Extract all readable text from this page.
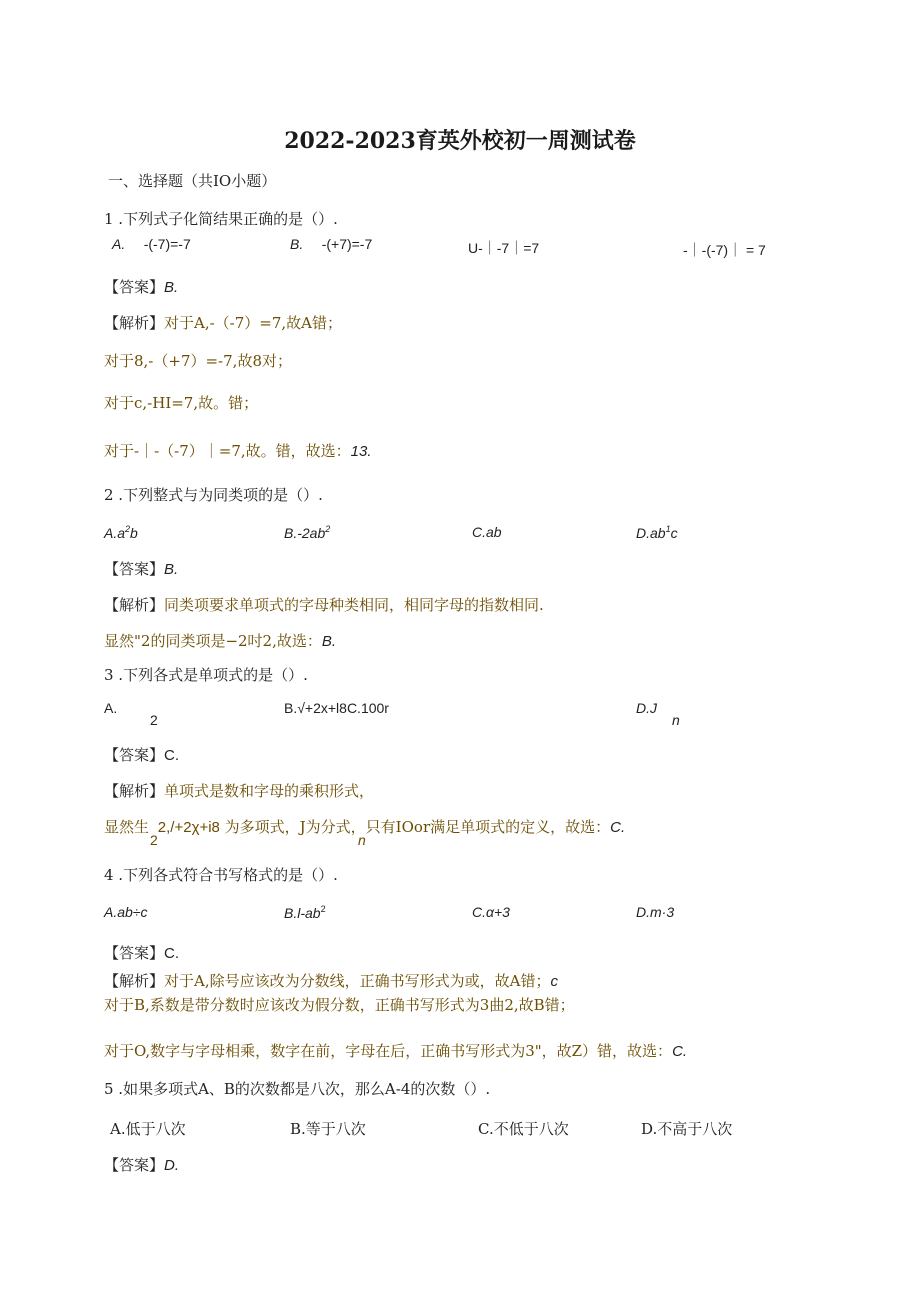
2022-2023育英外校初一周测试卷
一、选择题（共IO小题）
1 .下列式子化简结果正确的是（）.
A. -(-7)=-7	B. -(+7)=-7	U-｜-7｜=7	-｜-(-7)｜ = 7
【答案】B.
【解析】对于A,-（-7）=7,故A错；
对于8,-（+7）=-7,故8对；
对于c,-HI=7,故。错；
对于-｜-（-7）｜=7,故。错，故选：13.
2 .下列整式与为同类项的是（）.
$A.a^2b$	$B.-2ab^2$	C.ab	$D.ab^1c$
【答案】B.
【解析】同类项要求单项式的字母种类相同，相同字母的指数相同.
显然"2的同类项是−2吋2,故选：B.
3 .下列各式是单项式的是（）.
A.
2
B.√+2x+l8C.100r	D.J
n
【答案】C.
【解析】单项式是数和字母的乘积形式，
显然生 2,/+2χ+i8 为多项式，J为分式，只有IOor满足单项式的定义，故选：C.
2	n
4 .下列各式符合书写格式的是（）.
A.ab÷c	$B.l-ab^2$	C.α+3	D.m·3
【答案】C.
【解析】对于A,除号应该改为分数线，正确书写形式为或，故A错；c
对于B,系数是带分数时应该改为假分数，正确书写形式为3曲2,故B错；
对于O,数字与字母相乘，数字在前，字母在后，正确书写形式为3"，故Z）错，故选：C.
5 .如果多项式A、B的次数都是八次，那么A-4的次数（）.
A.低于八次	B.等于八次	C.不低于八次	D.不高于八次
【答案】D.
